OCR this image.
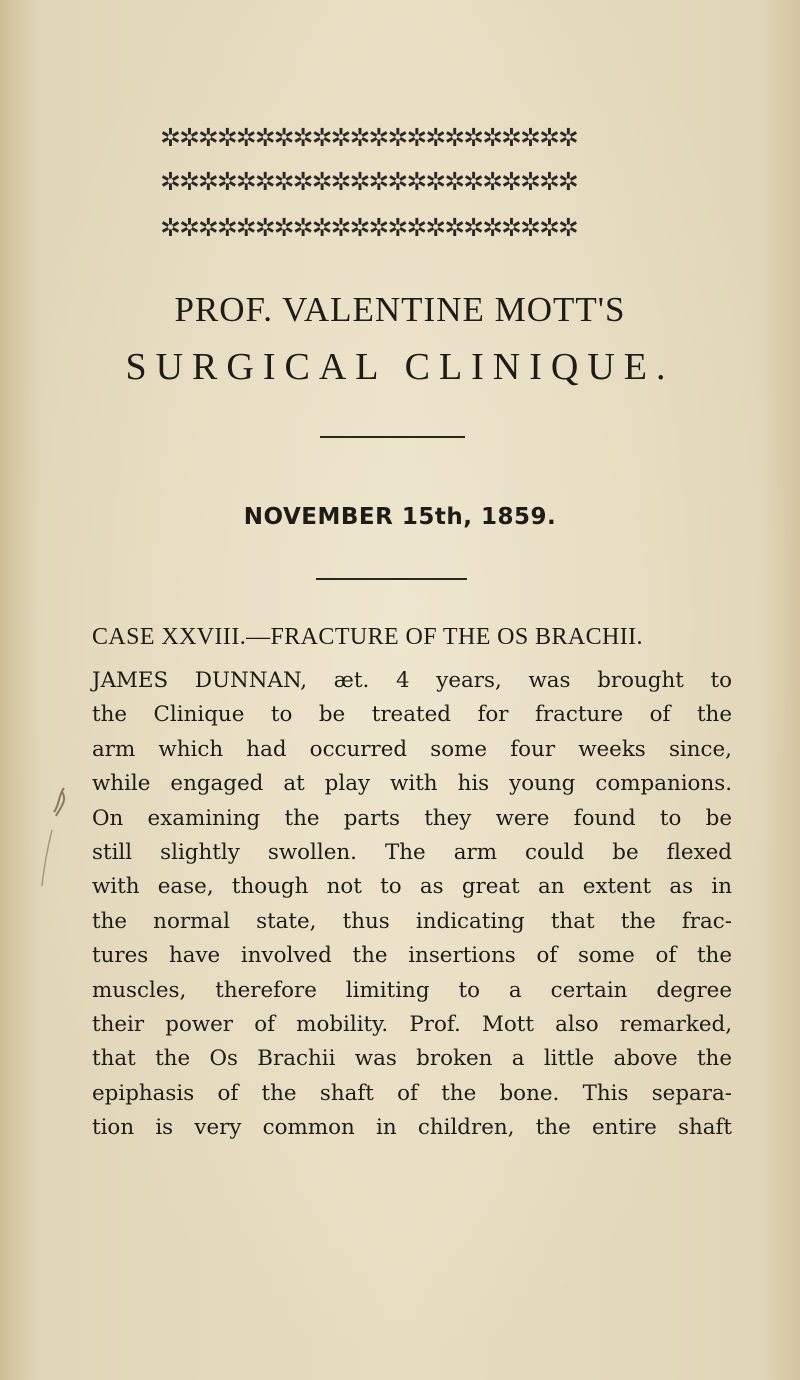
✲✲✲✲✲✲✲✲✲✲✲✲✲✲✲✲✲✲✲✲✲✲
✲✲✲✲✲✲✲✲✲✲✲✲✲✲✲✲✲✲✲✲✲✲
✲✲✲✲✲✲✲✲✲✲✲✲✲✲✲✲✲✲✲✲✲✲
PROF. VALENTINE MOTT'S
SURGICAL CLINIQUE.
NOVEMBER 15th, 1859.
CASE XXVIII.—FRACTURE OF THE OS BRACHII.
JAMES DUNNAN, æt. 4 years, was brought to
the Clinique to be treated for fracture of the
arm which had occurred some four weeks since,
while engaged at play with his young companions.
On examining the parts they were found to be
still slightly swollen. The arm could be flexed
with ease, though not to as great an extent as in
the normal state, thus indicating that the frac-
tures have involved the insertions of some of the
muscles, therefore limiting to a certain degree
their power of mobility. Prof. Mott also remarked,
that the Os Brachii was broken a little above the
epiphasis of the shaft of the bone. This separa-
tion is very common in children, the entire shaft
